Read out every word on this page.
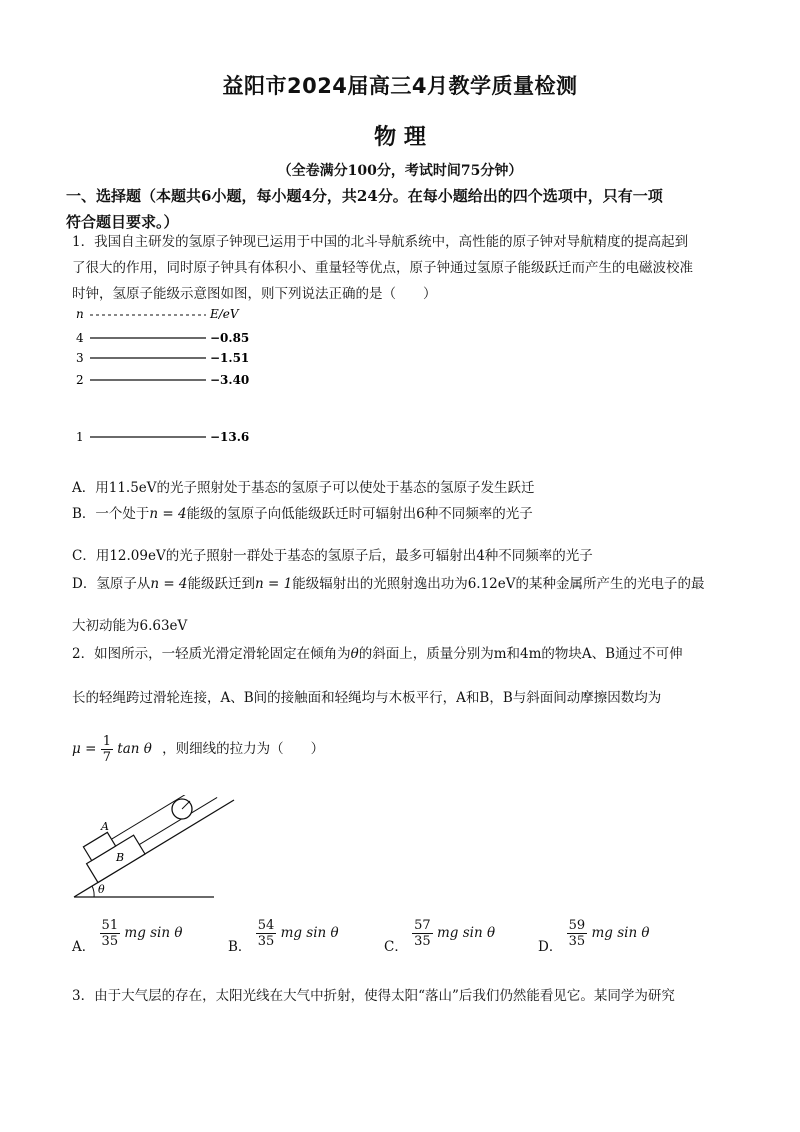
益阳市2024届高三4月教学质量检测
物 理
（全卷满分100分，考试时间75分钟）
一、选择题（本题共6小题，每小题4分，共24分。在每小题给出的四个选项中，只有一项
符合题目要求。）
1．我国自主研发的氢原子钟现已运用于中国的北斗导航系统中，高性能的原子钟对导航精度的提高起到
了很大的作用，同时原子钟具有体积小、重量轻等优点，原子钟通过氢原子能级跃迁而产生的电磁波校准
时钟，氢原子能级示意图如图，则下列说法正确的是（　　）
n	E/eV
4	−0.85
3	−1.51
2	−3.40
1	−13.6
A．用11.5eV的光子照射处于基态的氢原子可以使处于基态的氢原子发生跃迁
B．一个处于n = 4能级的氢原子向低能级跃迁时可辐射出6种不同频率的光子
C．用12.09eV的光子照射一群处于基态的氢原子后，最多可辐射出4种不同频率的光子
D．氢原子从n = 4能级跃迁到n = 1能级辐射出的光照射逸出功为6.12eV的某种金属所产生的光电子的最
大初动能为6.63eV
2．如图所示，一轻质光滑定滑轮固定在倾角为θ的斜面上，质量分别为m和4m的物块A、B通过不可伸
长的轻绳跨过滑轮连接，A、B间的接触面和轻绳均与木板平行，A和B，B与斜面间动摩擦因数均为
$\mu = \frac{1}{7}$ tan θ ，则细线的拉力为（　　）
θ
A
B
A． $\frac{51}{35}$ mg sin θ
B． $\frac{54}{35}$ mg sin θ
C． $\frac{57}{35}$ mg sin θ
D． $\frac{59}{35}$ mg sin θ
3．由于大气层的存在，太阳光线在大气中折射，使得太阳“落山”后我们仍然能看见它。某同学为研究
